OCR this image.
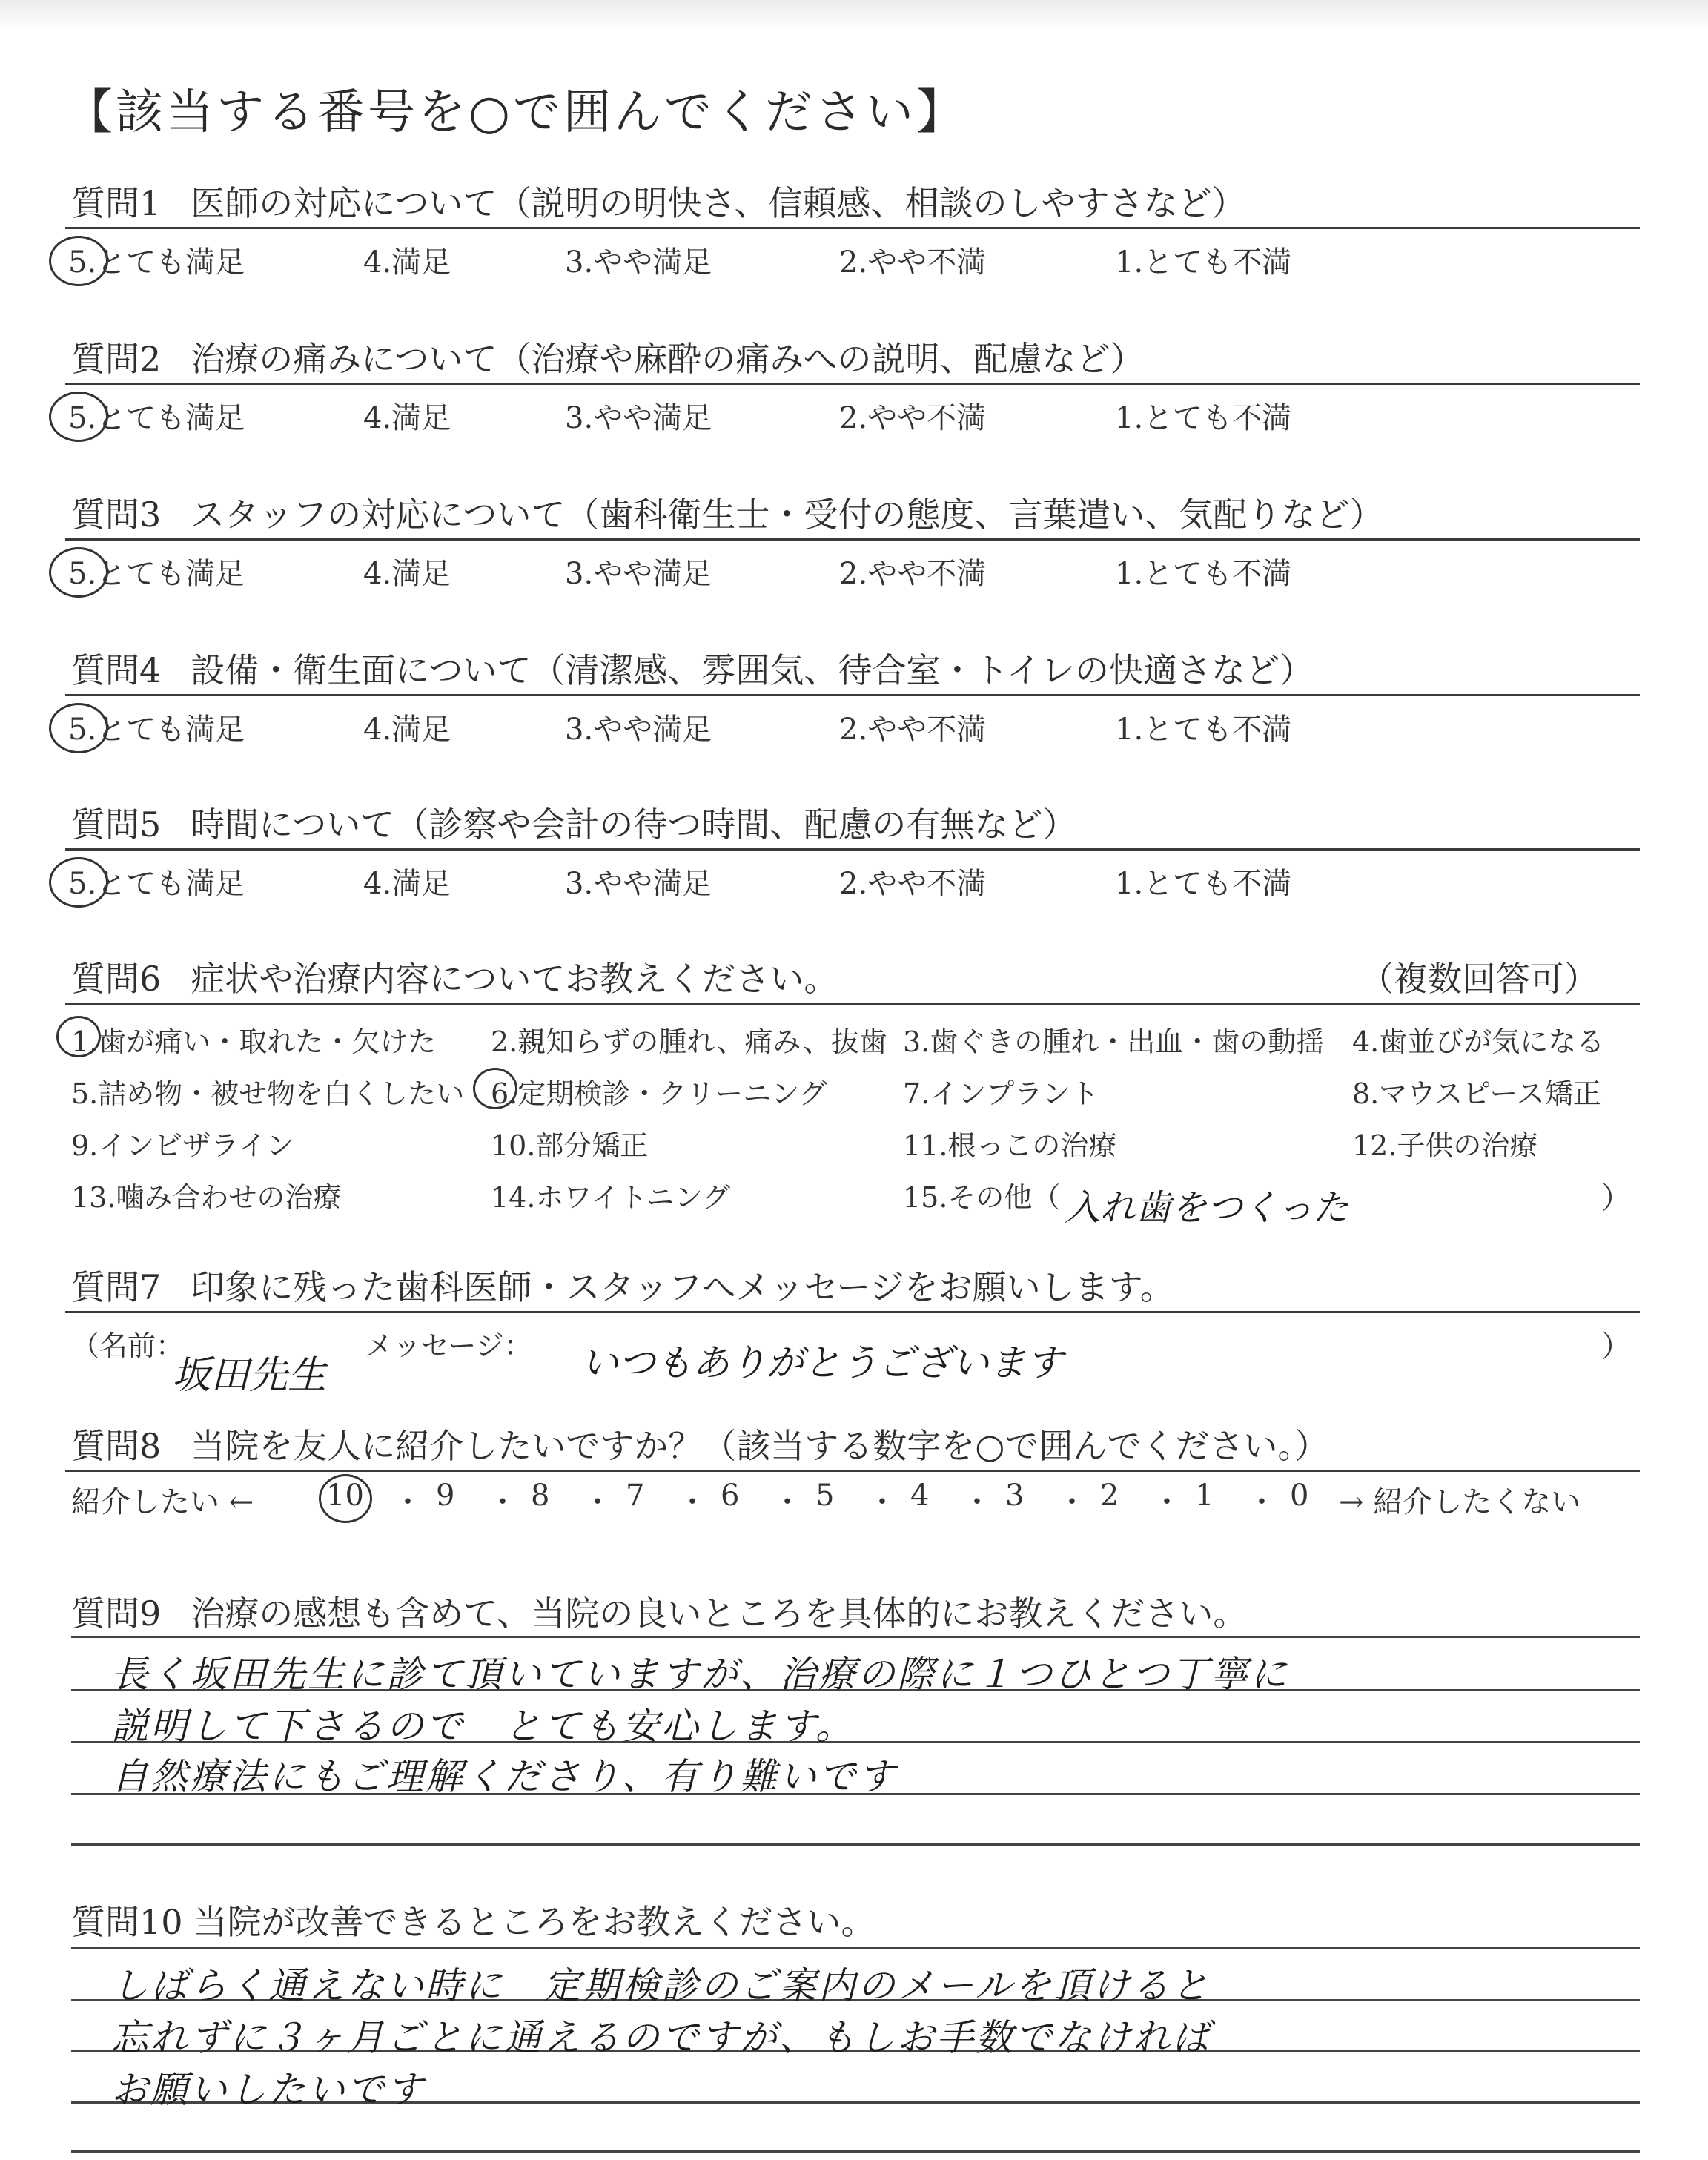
【該当する番号を○で囲んでください】
質問1 医師の対応について（説明の明快さ、信頼感、相談のしやすさなど）
5.とても満足	4.満足	3.やや満足	2.やや不満	1.とても不満
質問2 治療の痛みについて（治療や麻酔の痛みへの説明、配慮など）
5.とても満足	4.満足	3.やや満足	2.やや不満	1.とても不満
質問3 スタッフの対応について（歯科衛生士・受付の態度、言葉遣い、気配りなど）
5.とても満足	4.満足	3.やや満足	2.やや不満	1.とても不満
質問4 設備・衛生面について（清潔感、雰囲気、待合室・トイレの快適さなど）
5.とても満足	4.満足	3.やや満足	2.やや不満	1.とても不満
質問5 時間について（診察や会計の待つ時間、配慮の有無など）
5.とても満足	4.満足	3.やや満足	2.やや不満	1.とても不満
質問6 症状や治療内容についてお教えください。	（複数回答可）
1.歯が痛い・取れた・欠けた 2.親知らずの腫れ、痛み、抜歯 3.歯ぐきの腫れ・出血・歯の動揺 4.歯並びが気になる
5.詰め物・被せ物を白くしたい 6.定期検診・クリーニング	7.インプラント	8.マウスピース矯正
9.インビザライン	10.部分矯正	11.根っこの治療	12.子供の治療
13.噛み合わせの治療	14.ホワイトニング	15.その他（ 入れ歯をつくった	）
質問7 印象に残った歯科医師・スタッフへメッセージをお願いします。
（名前：
坂田先生
メッセージ： いつもありがとうございます	）
質問8 当院を友人に紹介したいですか？（該当する数字を○で囲んでください。）
紹介したい ← 10 ・ 9 ・ 8 ・ 7 ・ 6 ・ 5 ・ 4 ・ 3 ・ 2 ・ 1 ・ 0 → 紹介したくない
質問9 治療の感想も含めて、当院の良いところを具体的にお教えください。
長く坂田先生に診て頂いていますが、治療の際に１つひとつ丁寧に
説明して下さるので　とても安心します。
自然療法にもご理解くださり、有り難いです
質問10 当院が改善できるところをお教えください。
しばらく通えない時に　定期検診のご案内のメールを頂けると
忘れずに３ヶ月ごとに通えるのですが、もしお手数でなければ
お願いしたいです
